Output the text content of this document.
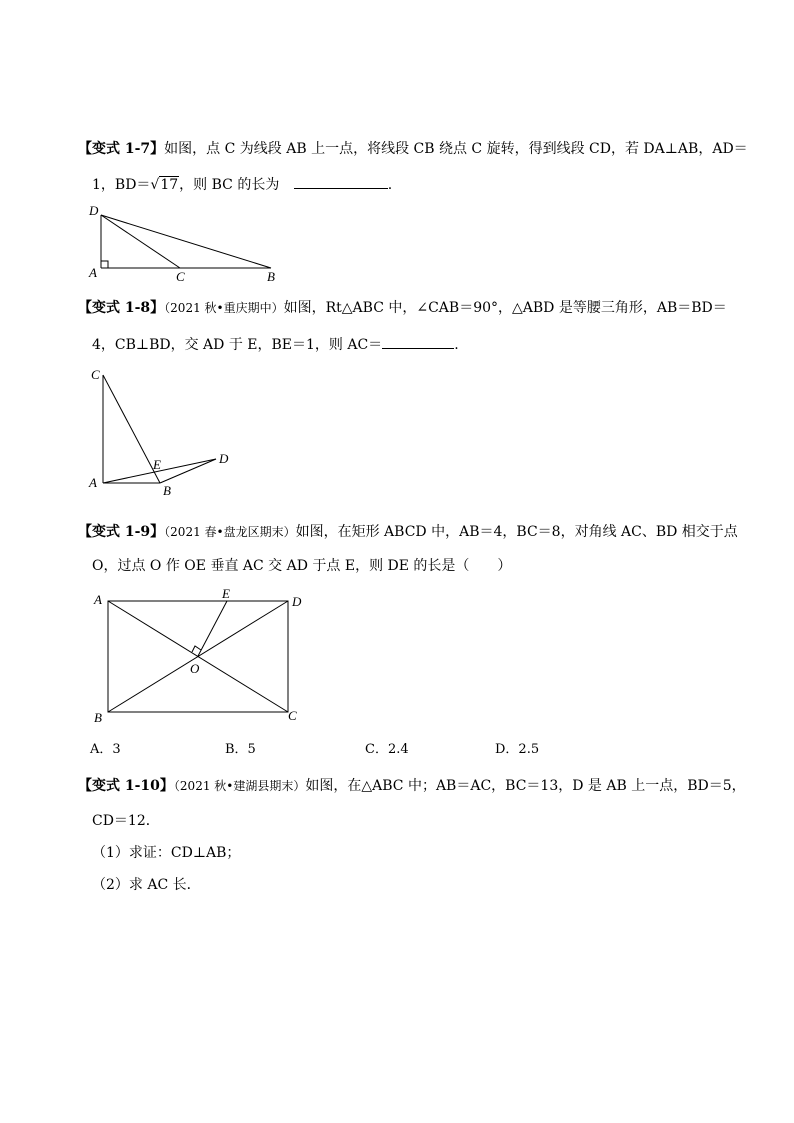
【变式 1-7】如图，点 C 为线段 AB 上一点，将线段 CB 绕点 C 旋转，得到线段 CD，若 DA⊥AB，AD＝
1，BD＝√17，则 BC 的长为	.
D
A	C	B
【变式 1-8】（2021 秋•重庆期中）如图，Rt△ABC 中，∠CAB＝90°，△ABD 是等腰三角形，AB＝BD＝
4，CB⊥BD，交 AD 于 E，BE＝1，则 AC＝	.
C
A
B
D
E
【变式 1-9】（2021 春•盘龙区期末）如图，在矩形 ABCD 中，AB＝4，BC＝8，对角线 AC、BD 相交于点
O，过点 O 作 OE 垂直 AC 交 AD 于点 E，则 DE 的长是（　　）
A	D
E
O
B	C
A．3	B．5	C．2.4	D．2.5
【变式 1-10】（2021 秋•建湖县期末）如图，在△ABC 中；AB＝AC，BC＝13，D 是 AB 上一点，BD＝5，
CD＝12．
（1）求证：CD⊥AB；
（2）求 AC 长．
